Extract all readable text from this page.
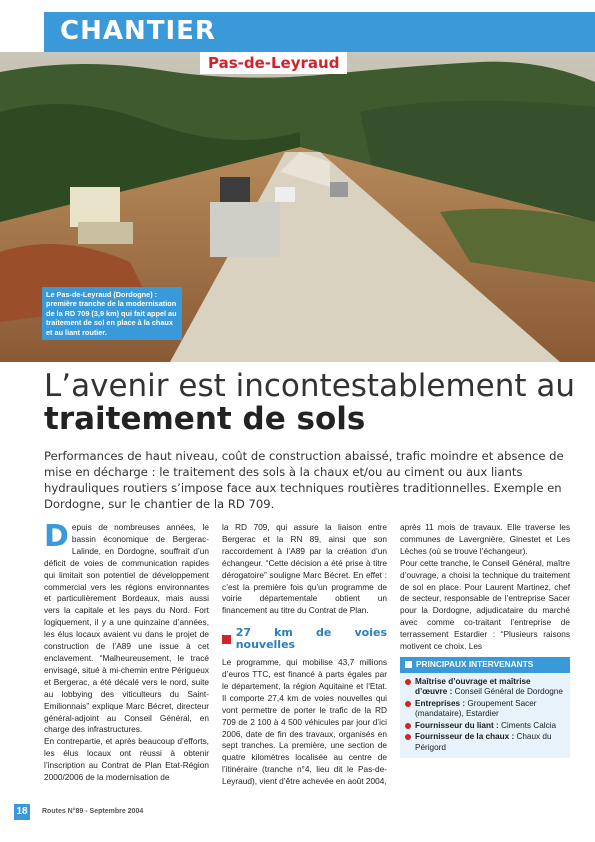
CHANTIER
Pas-de-Leyraud
Le Pas-de-Leyraud (Dordogne) : première tranche de la modernisation de la RD 709 (3,9 km) qui fait appel au traitement de sol en place à la chaux et au liant routier.
L’avenir est incontestablement au traitement de sols

Performances de haut niveau, coût de construction abaissé, trafic moindre et absence de mise en décharge : le traitement des sols à la chaux et/ou au ciment ou aux liants hydrauliques routiers s’impose face aux techniques routières traditionnelles. Exemple en Dordogne, sur le chantier de la RD 709.

Depuis de nombreuses années, le bassin économique de Bergerac-Lalinde, en Dordogne, souffrait d’un déficit de voies de communication rapides qui limitait son potentiel de développement commercial vers les régions environnantes et particulièrement Bordeaux, mais aussi vers la capitale et les pays du Nord. Fort logiquement, il y a une quinzaine d’années, les élus locaux avaient vu dans le projet de construction de l’A89 une issue à cet enclavement. “Malheureusement, le tracé envisagé, situé à mi-chemin entre Périgueux et Bergerac, a été décalé vers le nord, suite au lobbying des viticulteurs du Saint-Emilionnais” explique Marc Bécret, directeur général-adjoint au Conseil Général, en charge des infrastructures.

En contrepartie, et après beaucoup d’efforts, les élus locaux ont réussi à obtenir l’inscription au Contrat de Plan Etat-Région 2000/2006 de la modernisation de

la RD 709, qui assure la liaison entre Bergerac et la RN 89, ainsi que son raccordement à l’A89 par la création d’un échangeur. “Cette décision a été prise à titre dérogatoire” souligne Marc Bécret. En effet : c’est la première fois qu’un programme de voirie départementale obtient un financement au titre du Contrat de Plan.

27 km de voies nouvelles

Le programme, qui mobilise 43,7 millions d’euros TTC, est financé à parts égales par le département, la région Aquitaine et l’Etat. Il comporte 27,4 km de voies nouvelles qui vont permettre de porter le trafic de la RD 709 de 2 100 à 4 500 véhicules par jour d’ici 2006, date de fin des travaux, organisés en sept tranches. La première, une section de quatre kilomètres localisée au centre de l’itinéraire (tranche n°4, lieu dit le Pas-de-Leyraud), vient d’être achevée en août 2004,

après 11 mois de travaux. Elle traverse les communes de Lavergnière, Ginestet et Les Lèches (où se trouve l’échangeur).

Pour cette tranche, le Conseil Général, maître d’ouvrage, a choisi la technique du traitement de sol en place. Pour Laurent Martinez, chef de secteur, responsable de l’entreprise Sacer pour la Dordogne, adjudicataire du marché avec comme co-traitant l’entreprise de terrassement Estardier : “Plusieurs raisons motivent ce choix. Les

PRINCIPAUX INTERVENANTS
Maîtrise d’ouvrage et maîtrise d’œuvre : Conseil Général de Dordogne
Entreprises : Groupement Sacer (mandataire), Estardier
Fournisseur du liant : Ciments Calcia
Fournisseur de la chaux : Chaux du Périgord
18	Routes N°89 - Septembre 2004
